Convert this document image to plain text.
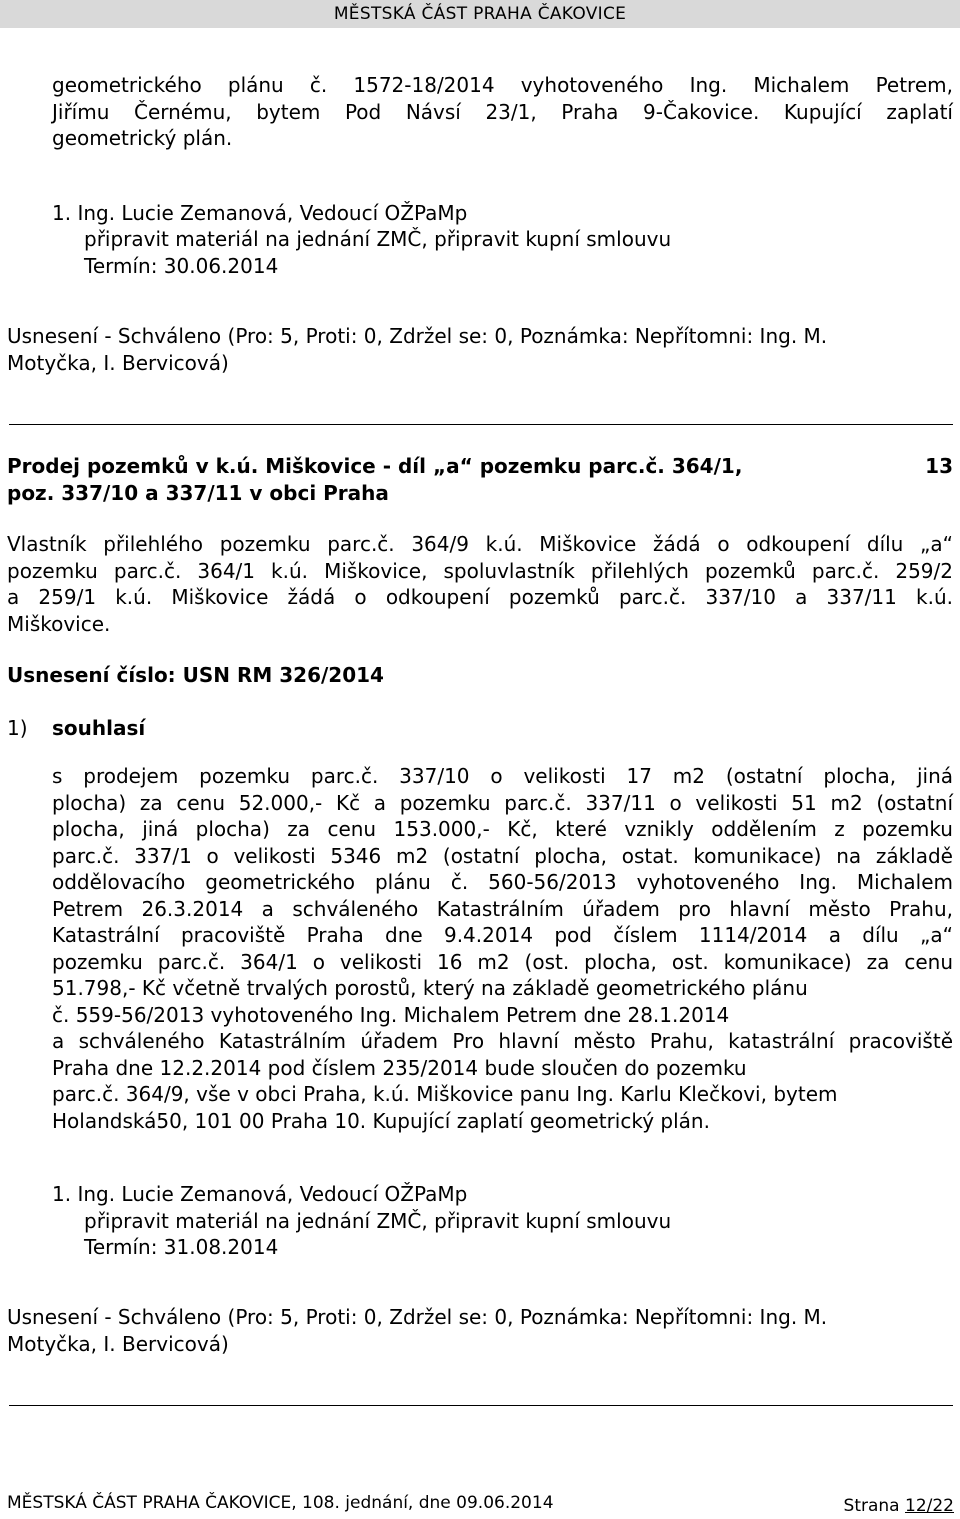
MĚSTSKÁ ČÁST PRAHA ČAKOVICE

geometrického plánu č. 1572-18/2014 vyhotoveného Ing. Michalem Petrem,

Jiřímu Černému, bytem Pod Návsí 23/1, Praha 9-Čakovice. Kupující zaplatí

geometrický plán.

1. Ing. Lucie Zemanová, Vedoucí OŽPaMp
připravit materiál na jednání ZMČ, připravit kupní smlouvu
Termín: 30.06.2014

Usnesení - Schváleno (Pro: 5, Proti: 0, Zdržel se: 0, Poznámka: Nepřítomni: Ing. M.

Motyčka, I. Bervicová)

Prodej pozemků v k.ú. Miškovice - díl „a“ pozemku parc.č. 364/1,

poz. 337/10 a 337/11 v obci Praha

13

Vlastník přilehlého pozemku parc.č. 364/9 k.ú. Miškovice žádá o odkoupení dílu „a“

pozemku parc.č. 364/1 k.ú. Miškovice, spoluvlastník přilehlých pozemků parc.č. 259/2

a 259/1 k.ú. Miškovice žádá o odkoupení pozemků parc.č. 337/10 a 337/11 k.ú.

Miškovice.

Usnesení číslo: USN RM 326/2014
1) souhlasí

s prodejem pozemku parc.č. 337/10 o velikosti 17 m2 (ostatní plocha, jiná

plocha) za cenu 52.000,- Kč a pozemku parc.č. 337/11 o velikosti 51 m2 (ostatní

plocha, jiná plocha) za cenu 153.000,- Kč, které vznikly oddělením z pozemku

parc.č. 337/1 o velikosti 5346 m2 (ostatní plocha, ostat. komunikace) na základě

oddělovacího geometrického plánu č. 560-56/2013 vyhotoveného Ing. Michalem

Petrem 26.3.2014 a schváleného Katastrálním úřadem pro hlavní město Prahu,

Katastrální pracoviště Praha dne 9.4.2014 pod číslem 1114/2014 a dílu „a“

pozemku parc.č. 364/1 o velikosti 16 m2 (ost. plocha, ost. komunikace) za cenu

51.798,- Kč včetně trvalých porostů, který na základě geometrického plánu

č. 559-56/2013 vyhotoveného Ing. Michalem Petrem dne 28.1.2014

a schváleného Katastrálním úřadem Pro hlavní město Prahu, katastrální pracoviště

Praha dne 12.2.2014 pod číslem 235/2014 bude sloučen do pozemku

parc.č. 364/9, vše v obci Praha, k.ú. Miškovice panu Ing. Karlu Klečkovi, bytem

Holandská50, 101 00 Praha 10. Kupující zaplatí geometrický plán.

1. Ing. Lucie Zemanová, Vedoucí OŽPaMp
připravit materiál na jednání ZMČ, připravit kupní smlouvu
Termín: 31.08.2014

Usnesení - Schváleno (Pro: 5, Proti: 0, Zdržel se: 0, Poznámka: Nepřítomni: Ing. M.

Motyčka, I. Bervicová)

MĚSTSKÁ ČÁST PRAHA ČAKOVICE, 108. jednání, dne 09.06.2014	Strana 12/22
